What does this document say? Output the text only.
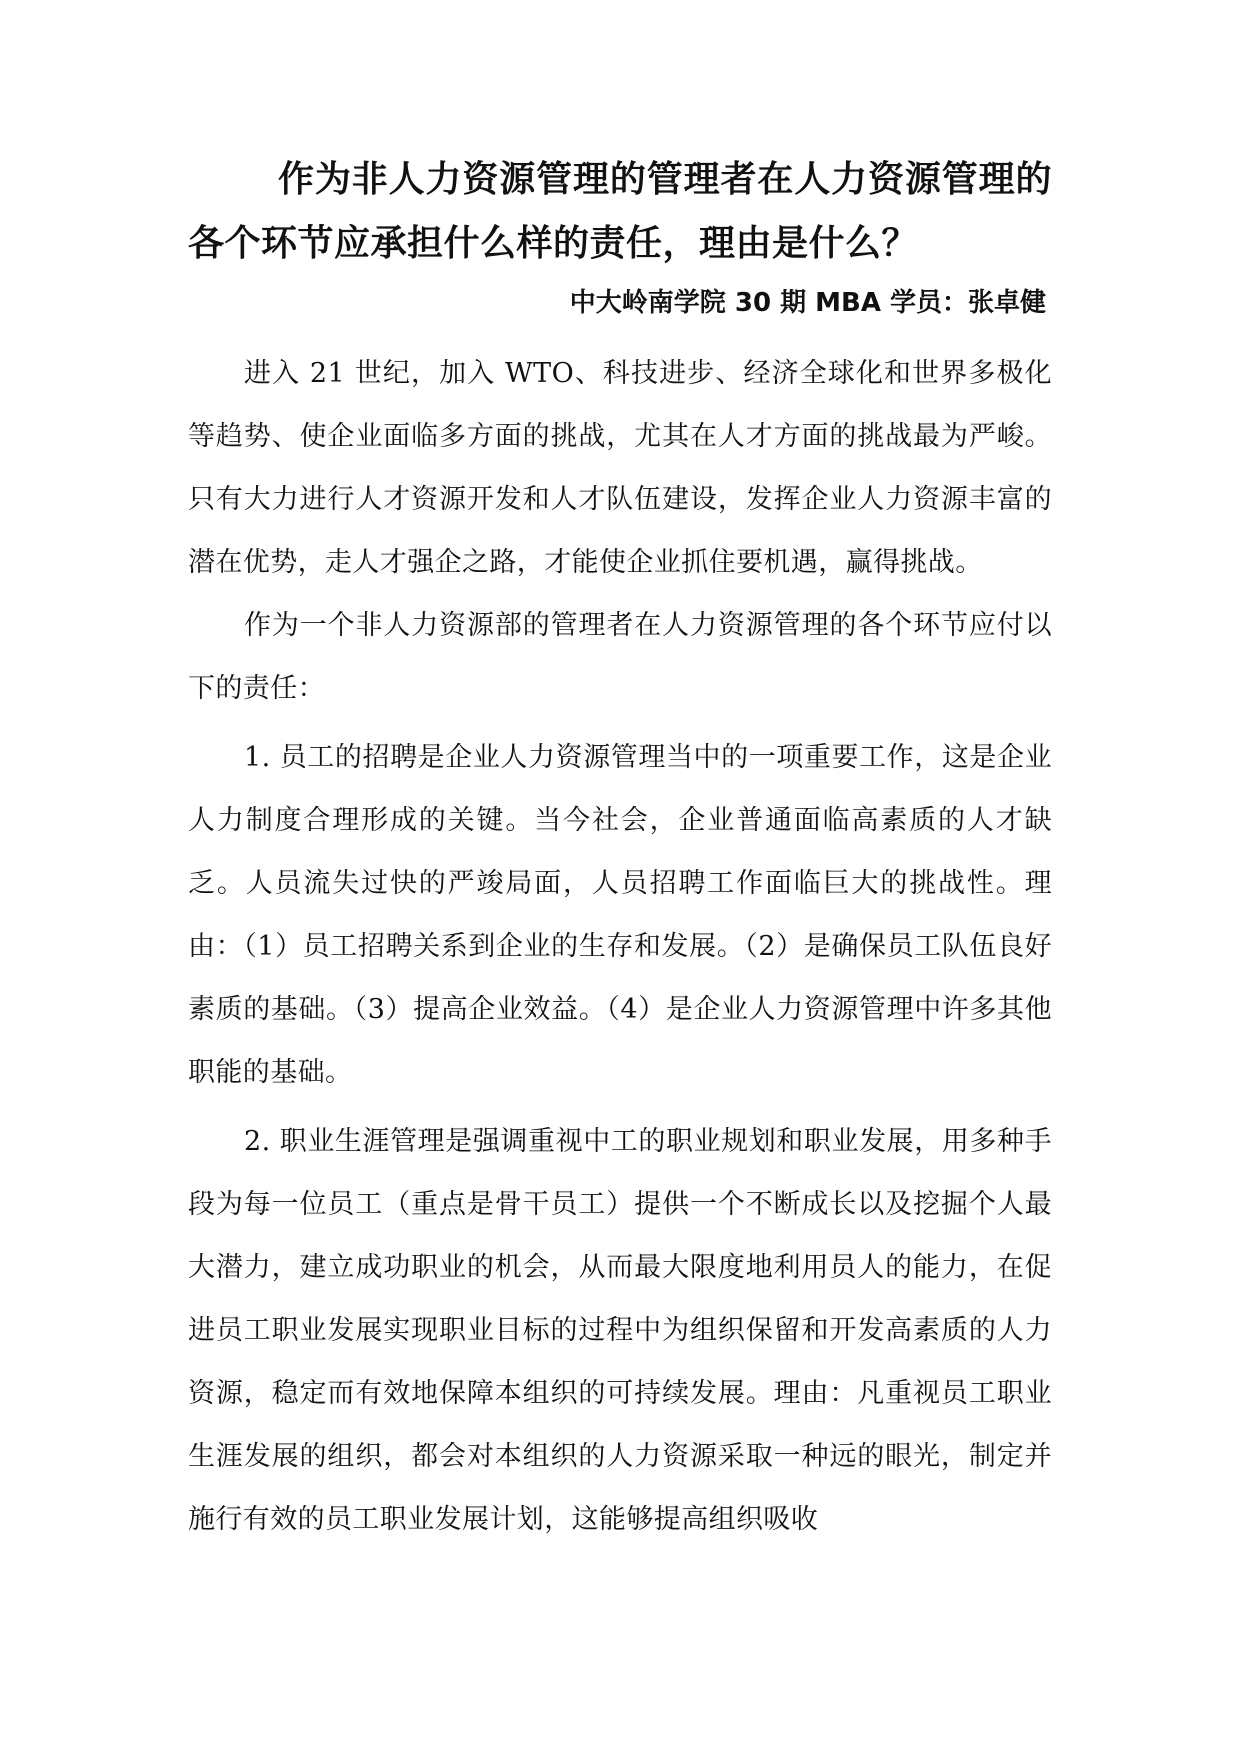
作为非人力资源管理的管理者在人力资源管理的各个环节应承担什么样的责任，理由是什么？
中大岭南学院 30 期 MBA 学员：张卓健

进入 21 世纪，加入 WTO、科技进步、经济全球化和世界多极化等趋势、使企业面临多方面的挑战，尤其在人才方面的挑战最为严峻。只有大力进行人才资源开发和人才队伍建设，发挥企业人力资源丰富的潜在优势，走人才强企之路，才能使企业抓住要机遇，赢得挑战。

作为一个非人力资源部的管理者在人力资源管理的各个环节应付以下的责任：

1. 员工的招聘是企业人力资源管理当中的一项重要工作，这是企业人力制度合理形成的关键。当今社会，企业普通面临高素质的人才缺乏。人员流失过快的严竣局面，人员招聘工作面临巨大的挑战性。理由：（1）员工招聘关系到企业的生存和发展。（2）是确保员工队伍良好素质的基础。（3）提高企业效益。（4）是企业人力资源管理中许多其他职能的基础。

2. 职业生涯管理是强调重视中工的职业规划和职业发展，用多种手段为每一位员工（重点是骨干员工）提供一个不断成长以及挖掘个人最大潜力，建立成功职业的机会，从而最大限度地利用员人的能力，在促进员工职业发展实现职业目标的过程中为组织保留和开发高素质的人力资源，稳定而有效地保障本组织的可持续发展。理由：凡重视员工职业生涯发展的组织，都会对本组织的人力资源采取一种远的眼光，制定并施行有效的员工职业发展计划，这能够提高组织吸收
